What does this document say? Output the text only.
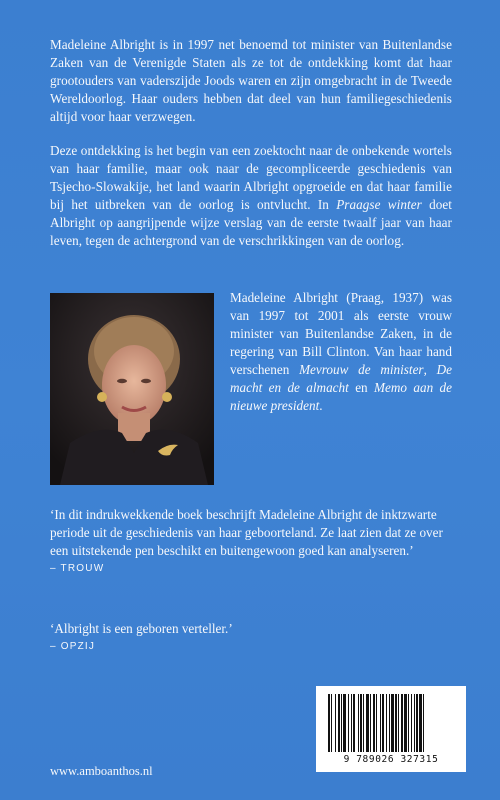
Madeleine Albright is in 1997 net benoemd tot minister van Buitenlandse Zaken van de Verenigde Staten als ze tot de ontdekking komt dat haar grootouders van vaderszijde Joods waren en zijn omgebracht in de Tweede Wereldoorlog. Haar ouders hebben dat deel van hun familiegeschiedenis altijd voor haar verzwegen.

Deze ontdekking is het begin van een zoektocht naar de onbekende wortels van haar familie, maar ook naar de gecompliceerde geschiedenis van Tsjecho-Slowakije, het land waarin Albright opgroeide en dat haar familie bij het uitbreken van de oorlog is ontvlucht. In Praagse winter doet Albright op aangrijpende wijze verslag van de eerste twaalf jaar van haar leven, tegen de achtergrond van de verschrikkingen van de oorlog.

Madeleine Albright (Praag, 1937) was van 1997 tot 2001 als eerste vrouw minister van Buitenlandse Zaken, in de regering van Bill Clinton. Van haar hand verschenen Mevrouw de minister, De macht en de almacht en Memo aan de nieuwe president.

‘In dit indrukwekkende boek beschrijft Madeleine Albright de inktzwarte periode uit de geschiedenis van haar geboorteland. Ze laat zien dat ze over een uitstekende pen beschikt en buitengewoon goed kan analyseren.’
– TROUW

‘Albright is een geboren verteller.’
– OPZIJ

www.amboanthos.nl
9 789026 327315
